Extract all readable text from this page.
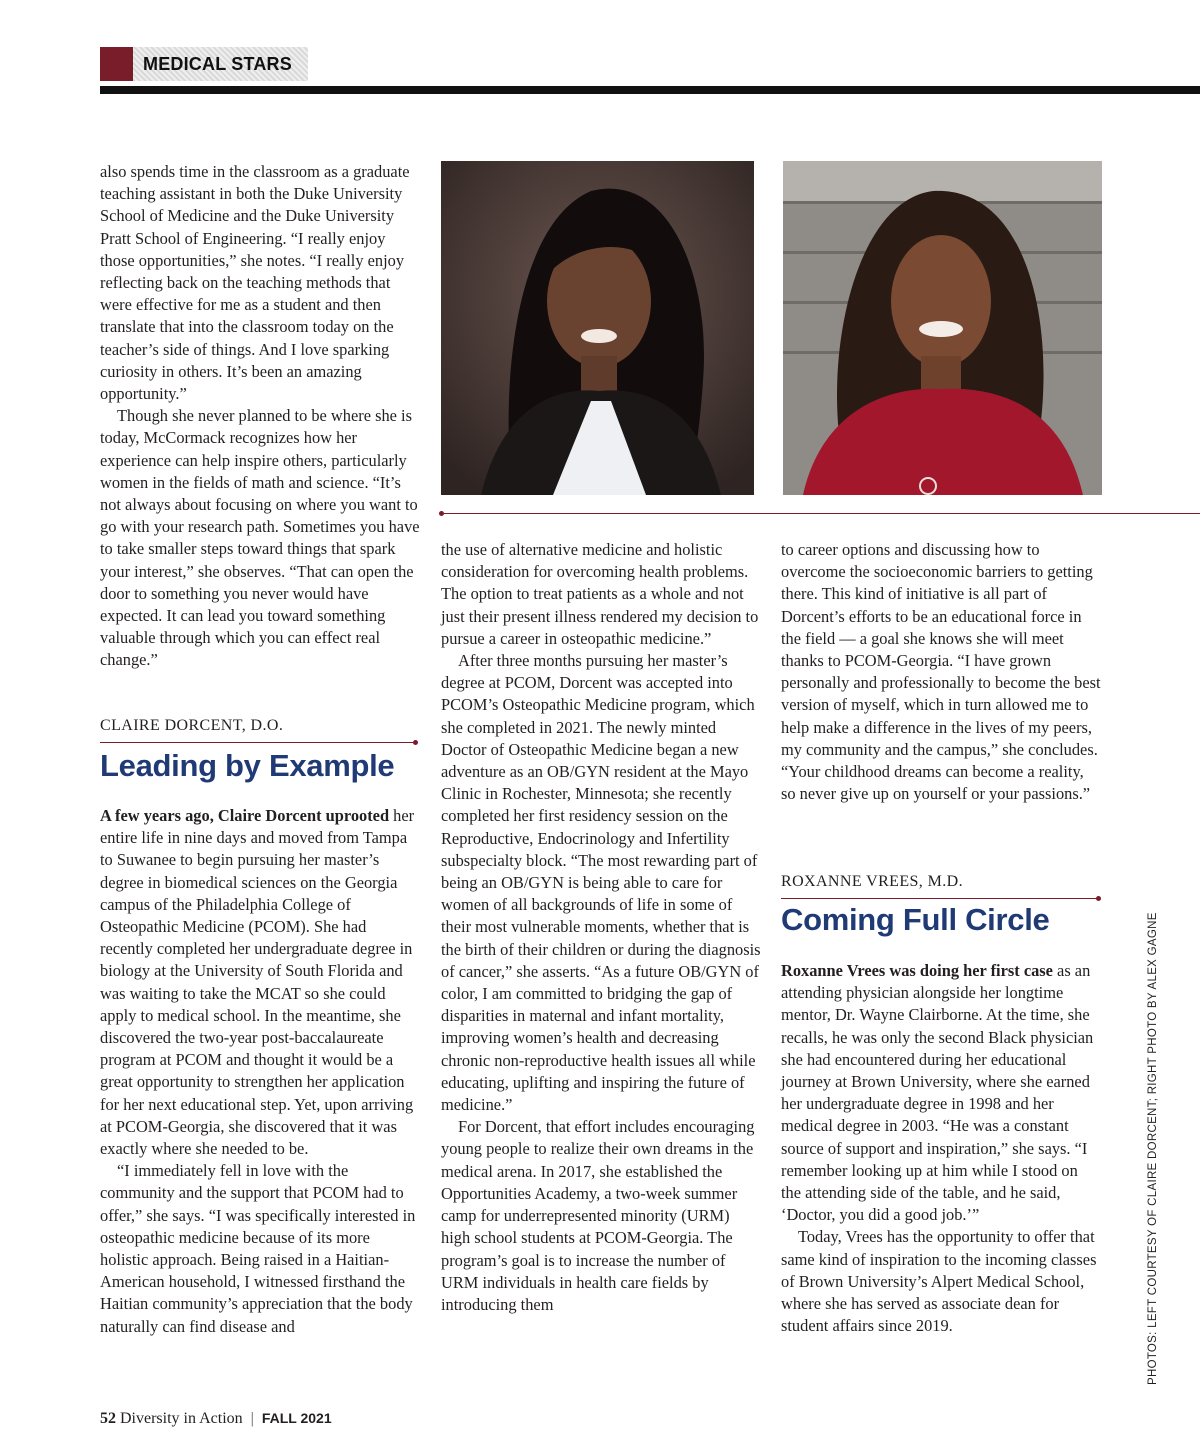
MEDICAL STARS

also spends time in the classroom as a graduate teaching assistant in both the Duke University School of Medicine and the Duke University Pratt School of Engineering. “I really enjoy those opportunities,” she notes. “I really enjoy reflecting back on the teaching methods that were effective for me as a student and then translate that into the classroom today on the teacher’s side of things. And I love sparking curiosity in others. It’s been an amazing opportunity.”

Though she never planned to be where she is today, McCormack recognizes how her experience can help inspire others, particularly women in the fields of math and science. “It’s not always about focusing on where you want to go with your research path. Sometimes you have to take smaller steps toward things that spark your interest,” she observes. “That can open the door to something you never would have expected. It can lead you toward something valuable through which you can effect real change.”

CLAIRE DORCENT, D.O.
Leading by Example

A few years ago, Claire Dorcent uprooted her entire life in nine days and moved from Tampa to Suwanee to begin pursuing her master’s degree in biomedical sciences on the Georgia campus of the Philadelphia College of Osteopathic Medicine (PCOM). She had recently completed her undergraduate degree in biology at the University of South Florida and was waiting to take the MCAT so she could apply to medical school. In the meantime, she discovered the two-year post-baccalaureate program at PCOM and thought it would be a great opportunity to strengthen her application for her next educational step. Yet, upon arriving at PCOM-Georgia, she discovered that it was exactly where she needed to be.

“I immediately fell in love with the community and the support that PCOM had to offer,” she says. “I was specifically interested in osteopathic medicine because of its more holistic approach. Being raised in a Haitian-American household, I witnessed firsthand the Haitian community’s appreciation that the body naturally can find disease and

the use of alternative medicine and holistic consideration for overcoming health problems. The option to treat patients as a whole and not just their present illness rendered my decision to pursue a career in osteopathic medicine.”

After three months pursuing her master’s degree at PCOM, Dorcent was accepted into PCOM’s Osteopathic Medicine program, which she completed in 2021. The newly minted Doctor of Osteopathic Medicine began a new adventure as an OB/GYN resident at the Mayo Clinic in Rochester, Minnesota; she recently completed her first residency session on the Reproductive, Endocrinology and Infertility subspecialty block. “The most rewarding part of being an OB/GYN is being able to care for women of all backgrounds of life in some of their most vulnerable moments, whether that is the birth of their children or during the diagnosis of cancer,” she asserts. “As a future OB/GYN of color, I am committed to bridging the gap of disparities in maternal and infant mortality, improving women’s health and decreasing chronic non-reproductive health issues all while educating, uplifting and inspiring the future of medicine.”

For Dorcent, that effort includes encouraging young people to realize their own dreams in the medical arena. In 2017, she established the Opportunities Academy, a two-week summer camp for underrepresented minority (URM) high school students at PCOM-Georgia. The program’s goal is to increase the number of URM individuals in health care fields by introducing them

to career options and discussing how to overcome the socioeconomic barriers to getting there. This kind of initiative is all part of Dorcent’s efforts to be an educational force in the field — a goal she knows she will meet thanks to PCOM-Georgia. “I have grown personally and professionally to become the best version of myself, which in turn allowed me to help make a difference in the lives of my peers, my community and the campus,” she concludes. “Your childhood dreams can become a reality, so never give up on yourself or your passions.”

ROXANNE VREES, M.D.
Coming Full Circle

Roxanne Vrees was doing her first case as an attending physician alongside her longtime mentor, Dr. Wayne Clairborne. At the time, she recalls, he was only the second Black physician she had encountered during her educational journey at Brown University, where she earned her undergraduate degree in 1998 and her medical degree in 2003. “He was a constant source of support and inspiration,” she says. “I remember looking up at him while I stood on the attending side of the table, and he said, ‘Doctor, you did a good job.’”

Today, Vrees has the opportunity to offer that same kind of inspiration to the incoming classes of Brown University’s Alpert Medical School, where she has served as associate dean for student affairs since 2019.	PHOTOS: LEFT COURTESY OF CLAIRE DORCENT; RIGHT PHOTO BY ALEX GAGNE
52 Diversity in Action | FALL 2021
